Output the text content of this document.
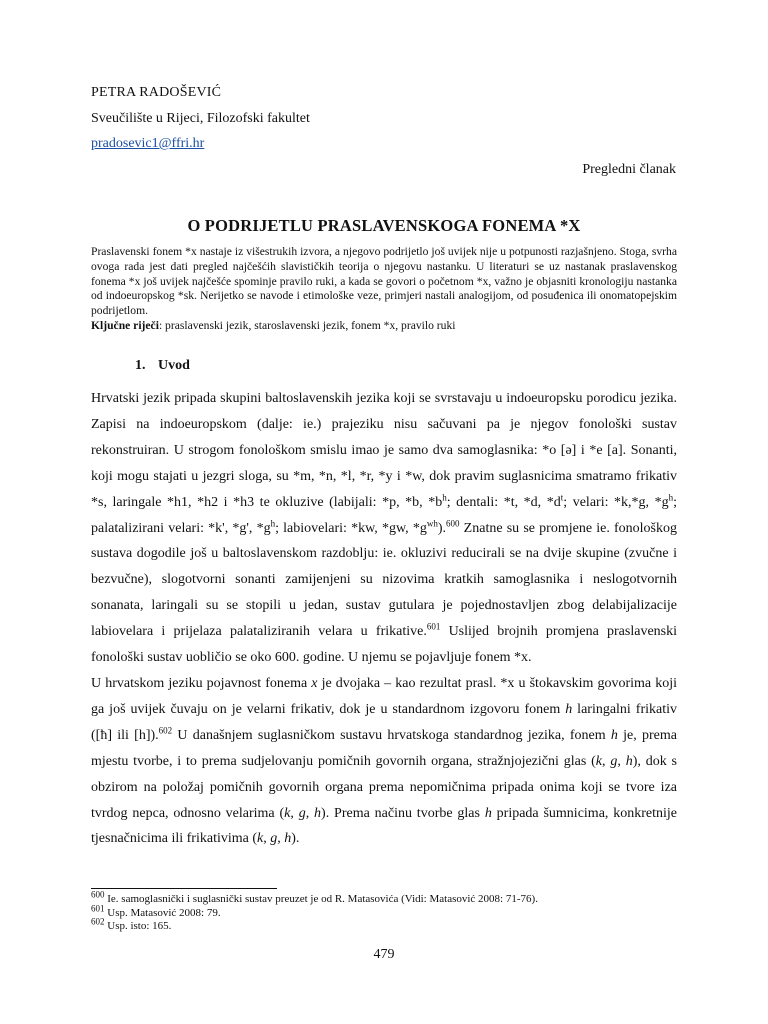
PETRA RADOŠEVIĆ
Sveučilište u Rijeci, Filozofski fakultet
pradosevic1@ffri.hr
Pregledni članak
O PODRIJETLU PRASLAVENSKOGA FONEMA *X
Praslavenski fonem *x nastaje iz višestrukih izvora, a njegovo podrijetlo još uvijek nije u potpunosti razjašnjeno. Stoga, svrha ovoga rada jest dati pregled najčešćih slavističkih teorija o njegovu nastanku. U literaturi se uz nastanak praslavenskog fonema *x još uvijek najčešće spominje pravilo ruki, a kada se govori o početnom *x, važno je objasniti kronologiju nastanka od indoeuropskog *sk. Nerijetko se navode i etimološke veze, primjeri nastali analogijom, od posuđenica ili onomatopejskim podrijetlom.
Ključne riječi: praslavenski jezik, staroslavenski jezik, fonem *x, pravilo ruki
1. Uvod

Hrvatski jezik pripada skupini baltoslavenskih jezika koji se svrstavaju u indoeuropsku porodicu jezika. Zapisi na indoeuropskom (dalje: ie.) prajeziku nisu sačuvani pa je njegov fonološki sustav rekonstruiran. U strogom fonološkom smislu imao je samo dva samoglasnika: *o [ə] i *e [a]. Sonanti, koji mogu stajati u jezgri sloga, su *m, *n, *l, *r, *y i *w, dok pravim suglasnicima smatramo frikativ *s, laringale *h1, *h2 i *h3 te okluzive (labijali: *p, *b, $*b^h$; dentali: *t, *d, $*d^t$; velari: *k,*g, $*g^h$; palatalizirani velari: *k', *g', $*g^h$; labiovelari: *kw, *gw, $*g^{wh}).^{600}$ Znatne su se promjene ie. fonološkog sustava dogodile još u baltoslavenskom razdoblju: ie. okluzivi reducirali se na dvije skupine (zvučne i bezvučne), slogotvorni sonanti zamijenjeni su nizovima kratkih samoglasnika i neslogotvornih sonanata, laringali su se stopili u jedan, sustav gutulara je pojednostavljen zbog delabijalizacije labiovelara i prijelaza palataliziranih velara u frikative.$^{601}$ Uslijed brojnih promjena praslavenski fonološki sustav uobličio se oko 600. godine. U njemu se pojavljuje fonem *x.

U hrvatskom jeziku pojavnost fonema x je dvojaka – kao rezultat prasl. *x u štokavskim govorima koji ga još uvijek čuvaju on je velarni frikativ, dok je u standardnom izgovoru fonem h laringalni frikativ ([ħ] ili [h]).$^{602}$ U današnjem suglasničkom sustavu hrvatskoga standardnog jezika, fonem h je, prema mjestu tvorbe, i to prema sudjelovanju pomičnih govornih organa, stražnjojezični glas (k, g, h), dok s obzirom na položaj pomičnih govornih organa prema nepomičnima pripada onima koji se tvore iza tvrdog nepca, odnosno velarima (k, g, h). Prema načinu tvorbe glas h pripada šumnicima, konkretnije tjesnačnicima ili frikativima (k, g, h).

$^{600}$ Ie. samoglasnički i suglasnički sustav preuzet je od R. Matasovića (Vidi: Matasović 2008: 71-76).
$^{601}$ Usp. Matasović 2008: 79.
$^{602}$ Usp. isto: 165.
479
